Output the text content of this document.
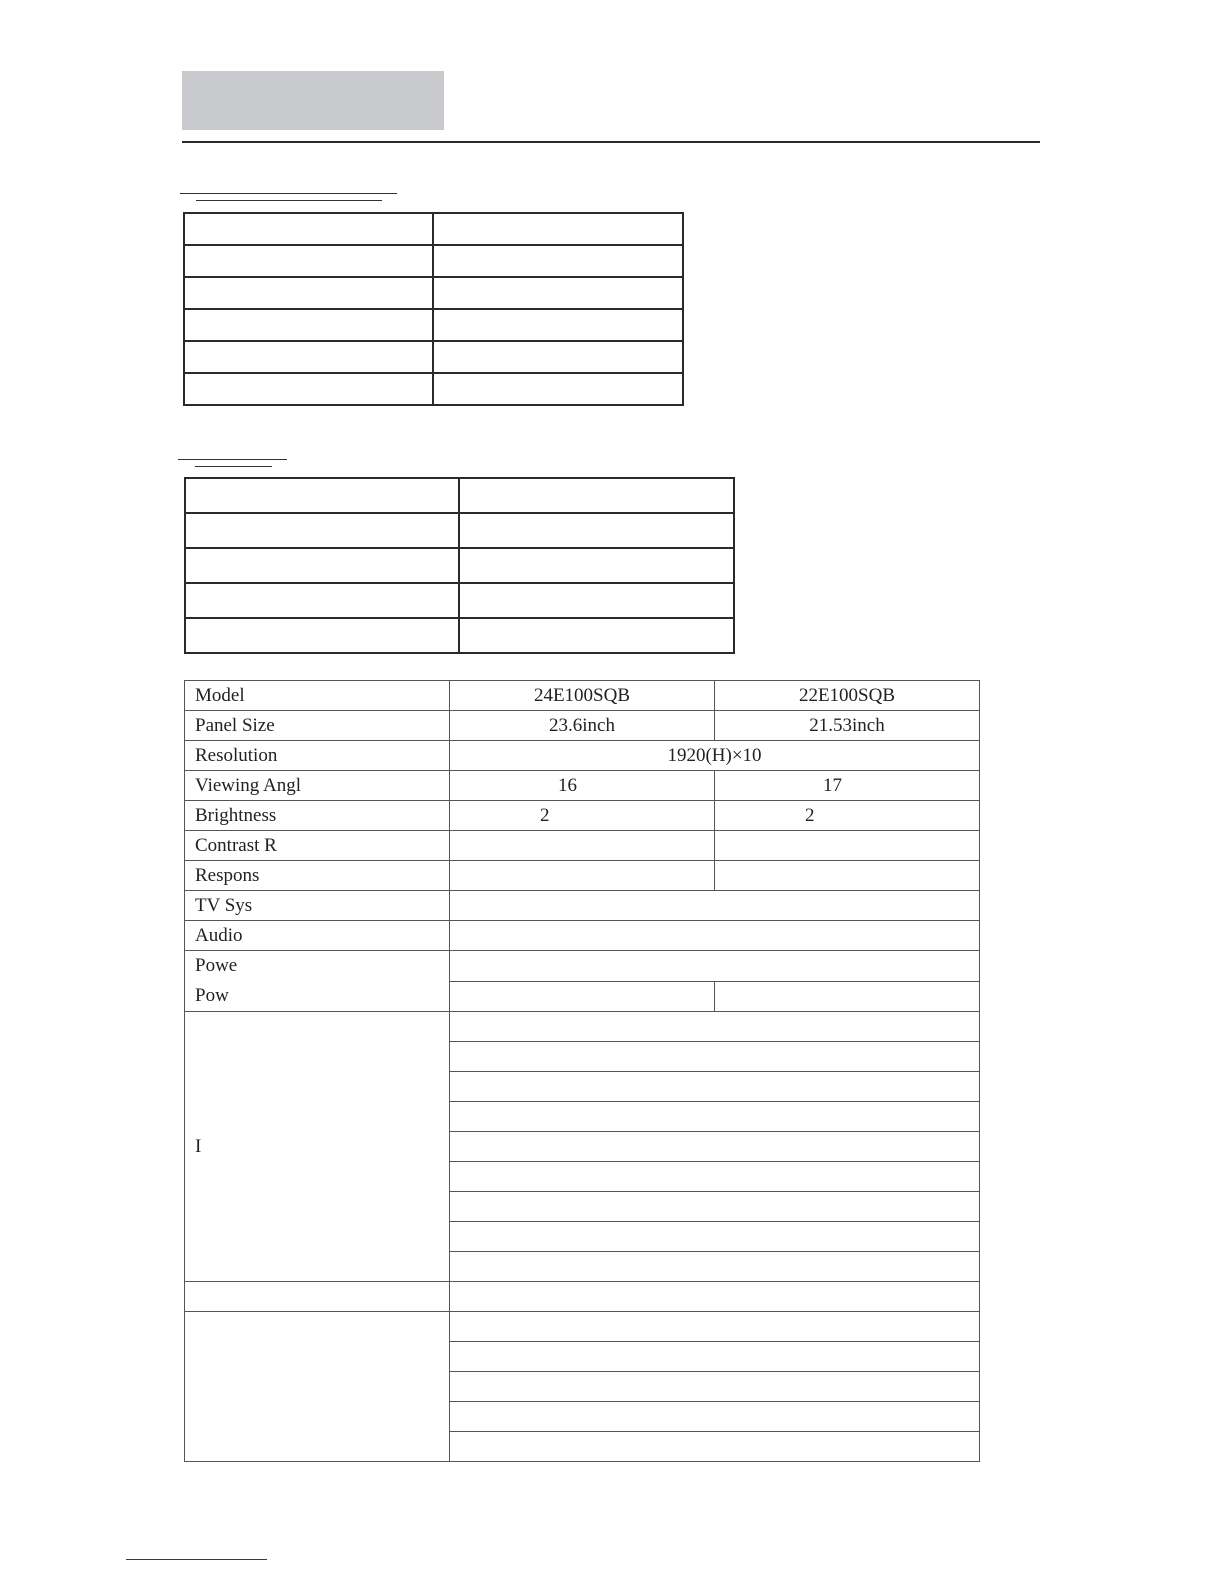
Model	24E100SQB	22E100SQB
Panel Size	23.6inch	21.53inch
Resolution	1920(H)×10	
Viewing Angl	16	17
Brightness	2	2
Contrast R		
Respons		
TV Sys		
Audio		

Powe
Pow		

I		
